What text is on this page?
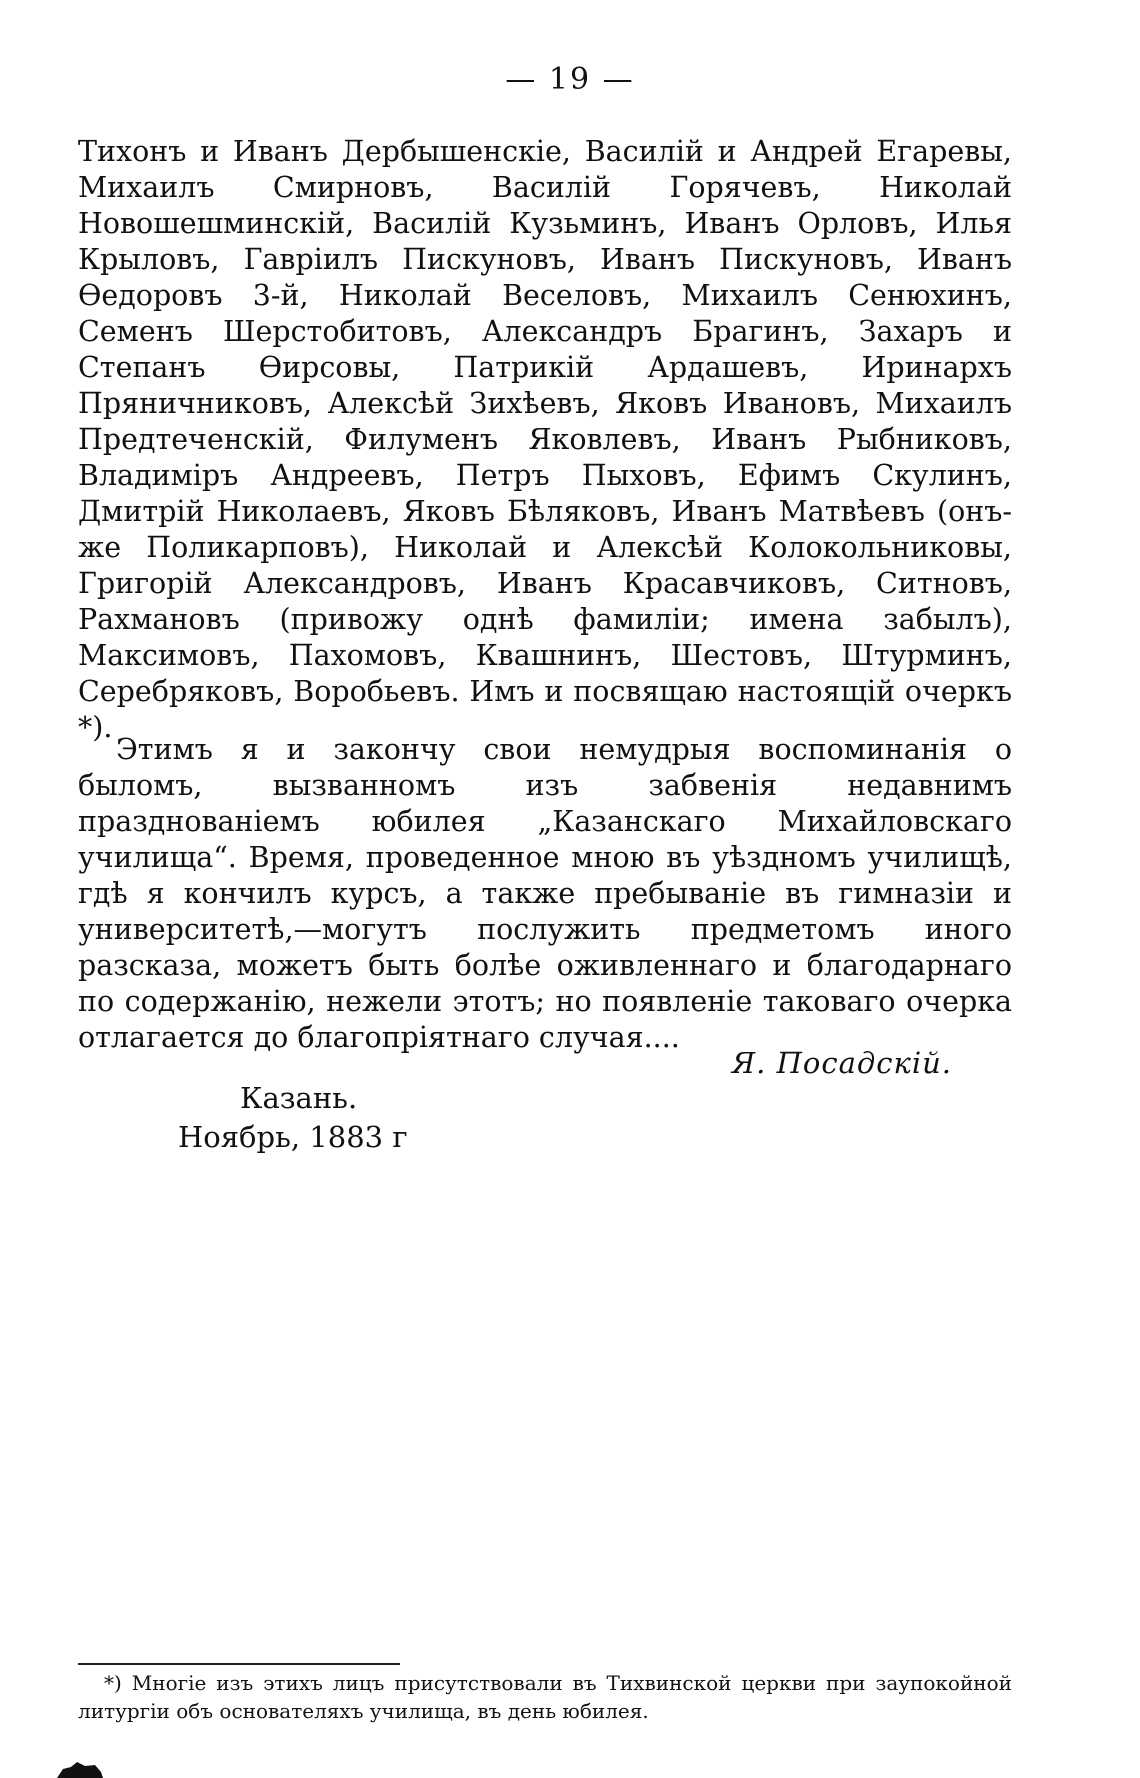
— 19 —

Тихонъ и Иванъ Дербышенскіе, Василій и Андрей Егаревы, Михаилъ Смирновъ, Василій Горячевъ, Николай Новошешминскій, Василій Кузьминъ, Иванъ Орловъ, Илья Крыловъ, Гавріилъ Пискуновъ, Иванъ Пискуновъ, Иванъ Өедоровъ 3-й, Николай Веселовъ, Михаилъ Сенюхинъ, Семенъ Шерстобитовъ, Александръ Брагинъ, Захаръ и Степанъ Өирсовы, Патрикій Ардашевъ, Иринархъ Пряничниковъ, Алексѣй Зихѣевъ, Яковъ Ивановъ, Михаилъ Предтеченскій, Филуменъ Яковлевъ, Иванъ Рыбниковъ, Владиміръ Андреевъ, Петръ Пыховъ, Ефимъ Скулинъ, Дмитрій Николаевъ, Яковъ Бѣляковъ, Иванъ Матвѣевъ (онъ-же Поликарповъ), Николай и Алексѣй Колокольниковы, Григорій Александровъ, Иванъ Красавчиковъ, Ситновъ, Рахмановъ (привожу однѣ фамиліи; имена забылъ), Максимовъ, Пахомовъ, Квашнинъ, Шестовъ, Штурминъ, Серебряковъ, Воробьевъ. Имъ и посвящаю настоящій очеркъ *).

Этимъ я и закончу свои немудрыя воспоминанія о быломъ, вызванномъ изъ забвенія недавнимъ празднованіемъ юбилея „Казанскаго Михайловскаго училища“. Время, проведенное мною въ уѣздномъ училищѣ, гдѣ я кончилъ курсъ, а также пребываніе въ гимназіи и университетѣ,—могутъ послужить предметомъ иного разсказа, можетъ быть болѣе оживленнаго и благодарнаго по содержанію, нежели этотъ; но появленіе таковаго очерка отлагается до благопріятнаго случая....

Я. Посадскій.
Казань.
Ноябрь, 1883 г

*) Многіе изъ этихъ лицъ присутствовали въ Тихвинской церкви при заупокойной литургіи объ основателяхъ училища, въ день юбилея.
